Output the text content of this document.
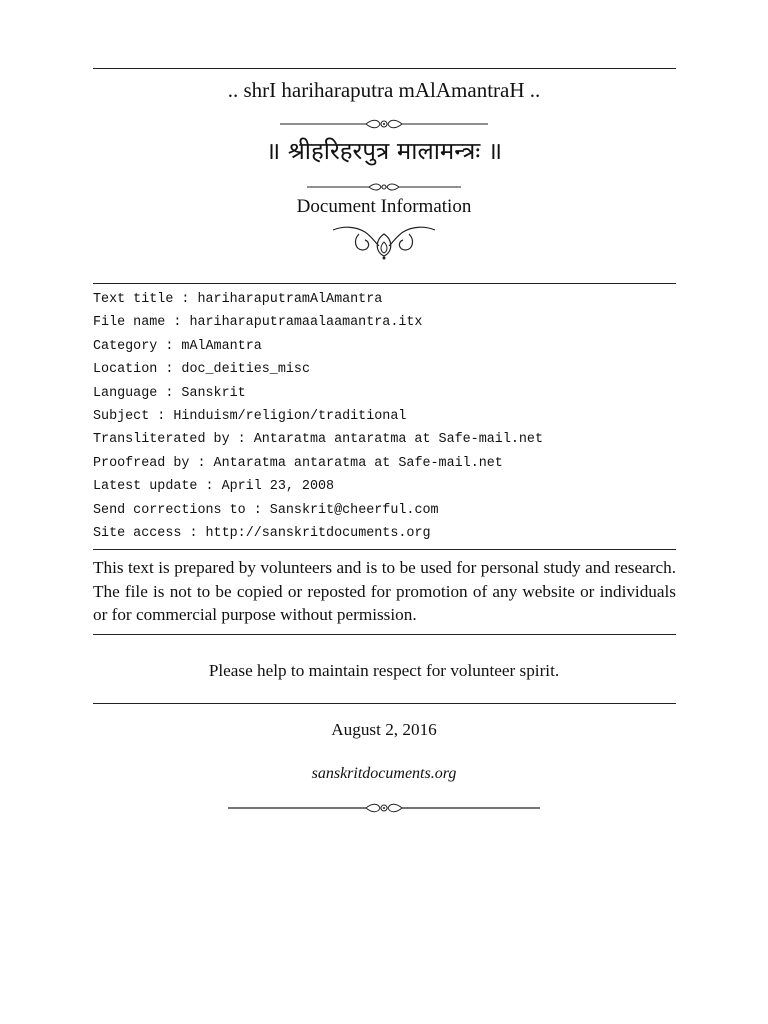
.. shrI hariharaputra mAlAmantraH ..
॥ श्रीहरिहरपुत्र मालामन्त्रः ॥
Document Information
Text title : hariharaputramAlAmantra
File name : hariharaputramaalaamantra.itx
Category : mAlAmantra
Location : doc_deities_misc
Language : Sanskrit
Subject : Hinduism/religion/traditional
Transliterated by : Antaratma antaratma at Safe-mail.net
Proofread by : Antaratma antaratma at Safe-mail.net
Latest update : April 23, 2008
Send corrections to : Sanskrit@cheerful.com
Site access : http://sanskritdocuments.org
This text is prepared by volunteers and is to be used for personal study and research. The file is not to be copied or reposted for promotion of any website or individuals or for commercial purpose without permission.
Please help to maintain respect for volunteer spirit.
August 2, 2016
sanskritdocuments.org
